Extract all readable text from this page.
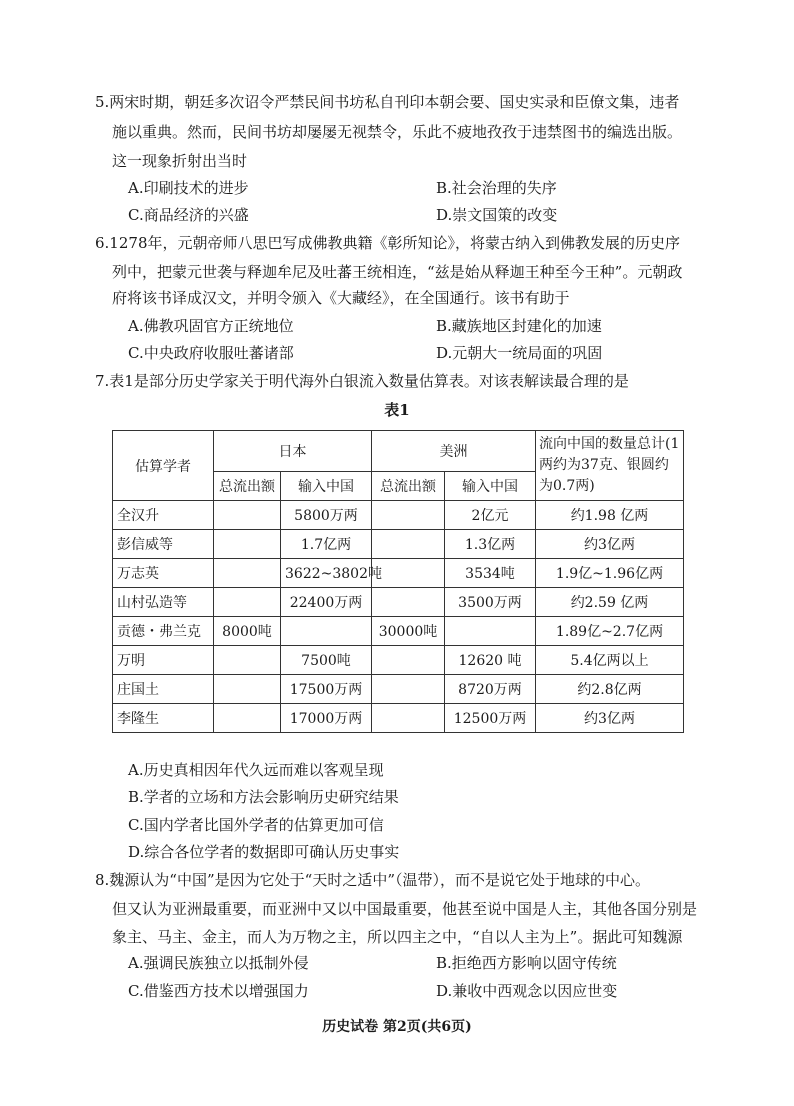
5.两宋时期，朝廷多次诏令严禁民间书坊私自刊印本朝会要、国史实录和臣僚文集，违者
施以重典。然而，民间书坊却屡屡无视禁令，乐此不疲地孜孜于违禁图书的编选出版。
这一现象折射出当时
A.印刷技术的进步	B.社会治理的失序
C.商品经济的兴盛	D.崇文国策的改变
6.1278年，元朝帝师八思巴写成佛教典籍《彰所知论》，将蒙古纳入到佛教发展的历史序
列中，把蒙元世袭与释迦牟尼及吐蕃王统相连，“兹是始从释迦王种至今王种”。元朝政
府将该书译成汉文，并明令颁入《大藏经》，在全国通行。该书有助于
A.佛教巩固官方正统地位	B.藏族地区封建化的加速
C.中央政府收服吐蕃诸部	D.元朝大一统局面的巩固
7.表1是部分历史学家关于明代海外白银流入数量估算表。对该表解读最合理的是
表1
估算学者	日本		美洲		流向中国的数量总计(1两约为37克、银圆约为0.7两)
	总流出额	输入中国	总流出额	输入中国	
全汉升		5800万两		2亿元	约1.98 亿两
彭信威等		1.7亿两		1.3亿两	约3亿两
万志英		3622~3802吨		3534吨	1.9亿~1.96亿两
山村弘造等		22400万两		3500万两	约2.59 亿两
贡德・弗兰克	8000吨		30000吨		1.89亿~2.7亿两
万明		7500吨		12620 吨	5.4亿两以上
庄国土		17500万两		8720万两	约2.8亿两
李隆生		17000万两		12500万两	约3亿两
A.历史真相因年代久远而难以客观呈现
B.学者的立场和方法会影响历史研究结果
C.国内学者比国外学者的估算更加可信
D.综合各位学者的数据即可确认历史事实
8.魏源认为“中国”是因为它处于“天时之适中”（温带），而不是说它处于地球的中心。
但又认为亚洲最重要，而亚洲中又以中国最重要，他甚至说中国是人主，其他各国分别是
象主、马主、金主，而人为万物之主，所以四主之中，“自以人主为上”。据此可知魏源
A.强调民族独立以抵制外侵	B.拒绝西方影响以固守传统
C.借鉴西方技术以增强国力	D.兼收中西观念以因应世变
历史试卷 第2页(共6页)
